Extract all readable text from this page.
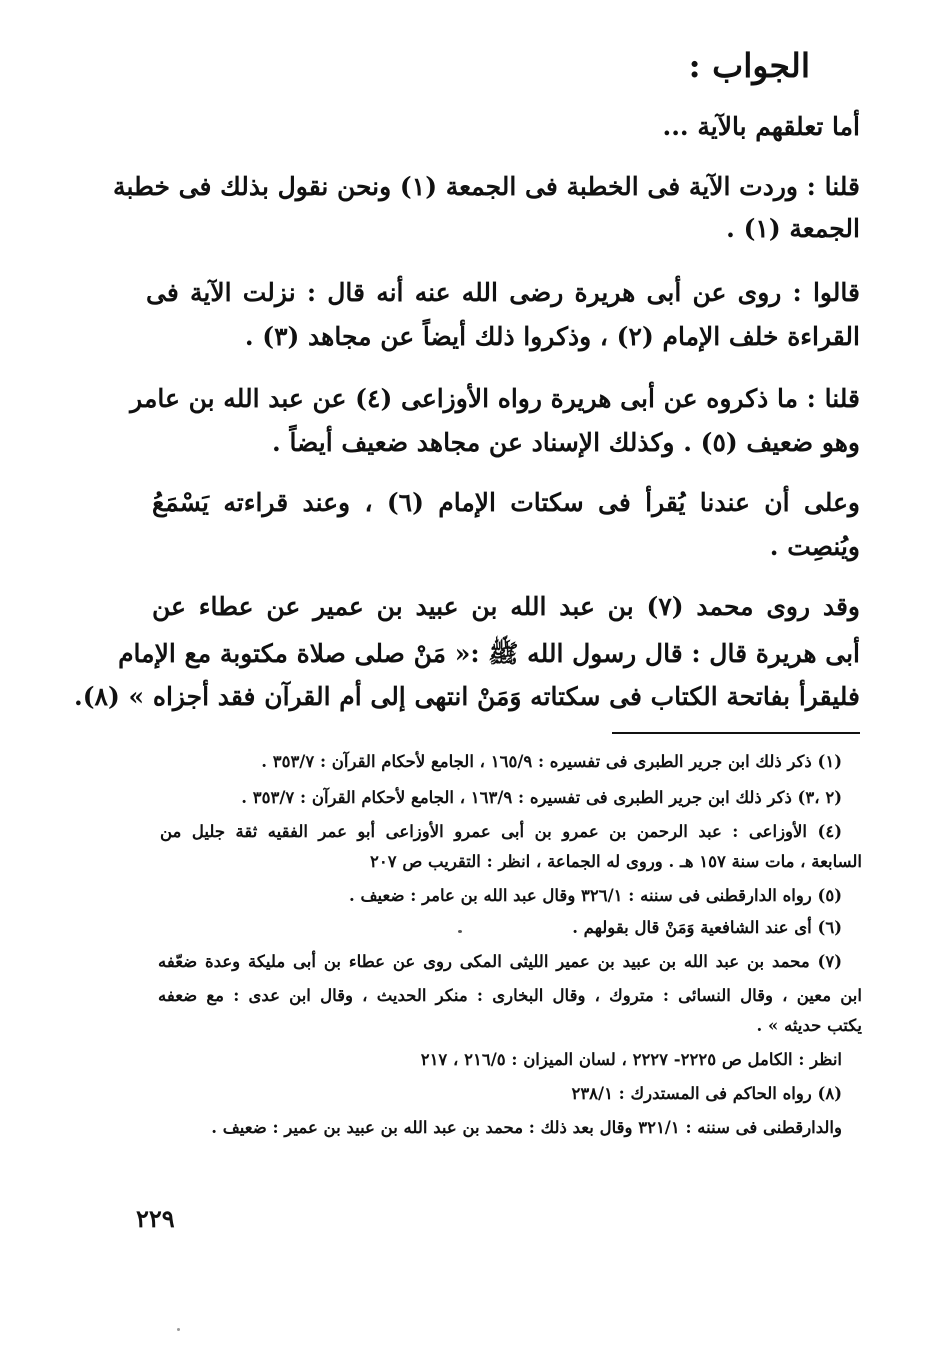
الجواب :
أما تعلقهم بالآية ...
قلنا : وردت الآية فى الخطبة فى الجمعة (١) ونحن نقول بذلك فى خطبة
الجمعة (١) .
قالوا : روى عن أبى هريرة رضى الله عنه أنه قال : نزلت الآية فى
القراءة خلف الإمام (٢) ، وذكروا ذلك أيضاً عن مجاهد (٣) .
قلنا : ما ذكروه عن أبى هريرة رواه الأوزاعى (٤) عن عبد الله بن عامر
وهو ضعيف (٥) . وكذلك الإسناد عن مجاهد ضعيف أيضاً .
وعلى أن عندنا يُقرأ فى سكتات الإمام (٦) ، وعند قراءته يَسْمَعُ
ويُنصِت .
وقد روى محمد (٧) بن عبد الله بن عبيد بن عمير عن عطاء عن
أبى هريرة قال : قال رسول الله ﷺ :« مَنْ صلى صلاة مكتوبة مع الإمام
فليقرأ بفاتحة الكتاب فى سكتاته وَمَنْ انتهى إلى أم القرآن فقد أجزاه » (٨).
(١) ذكر ذلك ابن جرير الطبرى فى تفسيره : ١٦٥/٩ ، الجامع لأحكام القرآن : ٣٥٣/٧ .
(٢ ،٣) ذكر ذلك ابن جرير الطبرى فى تفسيره : ١٦٣/٩ ، الجامع لأحكام القرآن : ٣٥٣/٧ .
(٤) الأوزاعى : عبد الرحمن بن عمرو بن أبى عمرو الأوزاعى أبو عمر الفقيه ثقة جليل من
السابعة ، مات سنة ١٥٧ هـ . وروى له الجماعة ، انظر : التقريب ص ٢٠٧
(٥) رواه الدارقطنى فى سننه : ٣٢٦/١ وقال عبد الله بن عامر : ضعيف .
(٦) أى عند الشافعية وَمَنْ قال بقولهم .
(٧) محمد بن عبد الله بن عبيد بن عمير الليثى المكى روى عن عطاء بن أبى مليكة وعدة ضعّفه
ابن معين ، وقال النسائى : متروك ، وقال البخارى : منكر الحديث ، وقال ابن عدى : مع ضعفه
يكتب حديثه » .
انظر : الكامل ص ٢٢٢٥- ٢٢٢٧ ، لسان الميزان : ٢١٦/٥ ، ٢١٧
(٨) رواه الحاكم فى المستدرك : ٢٣٨/١
والدارقطنى فى سننه : ٣٢١/١ وقال بعد ذلك : محمد بن عبد الله بن عبيد بن عمير : ضعيف .
٢٢٩
